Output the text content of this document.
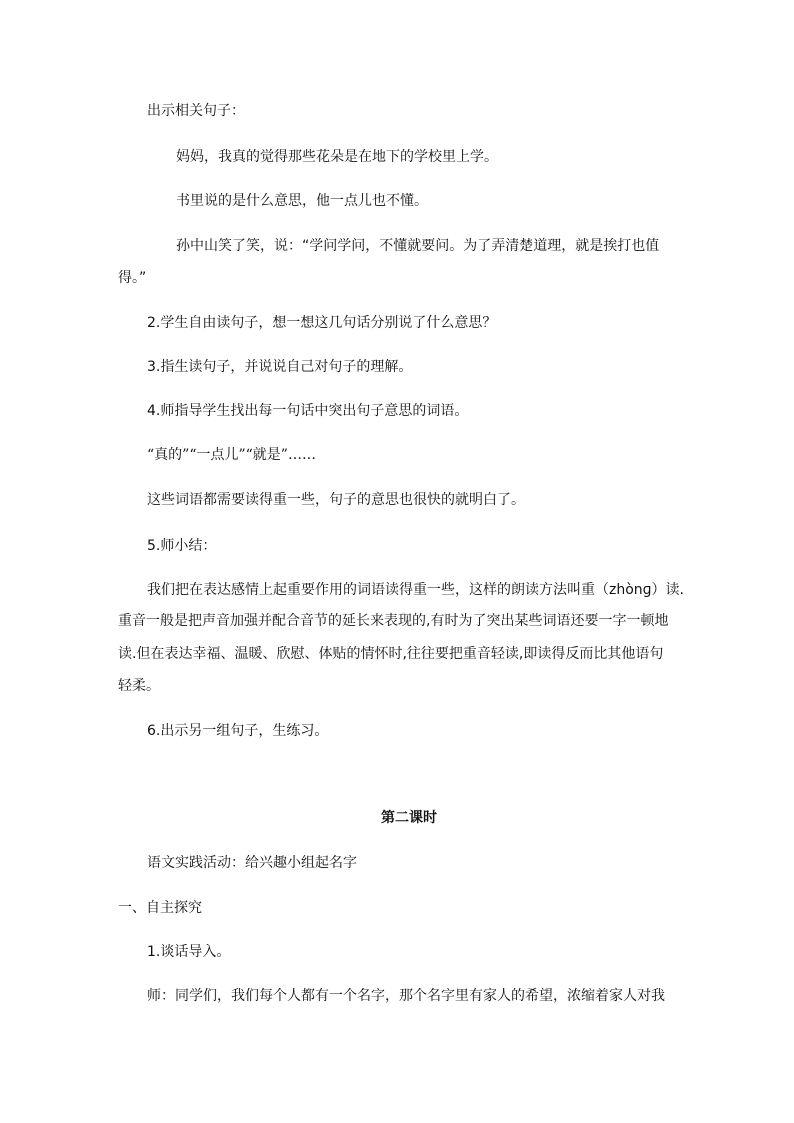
出示相关句子：
妈妈，我真的觉得那些花朵是在地下的学校里上学。
书里说的是什么意思，他一点儿也不懂。
孙中山笑了笑，说：“学问学问，不懂就要问。为了弄清楚道理，就是挨打也值
得。”
2.学生自由读句子，想一想这几句话分别说了什么意思？
3.指生读句子，并说说自己对句子的理解。
4.师指导学生找出每一句话中突出句子意思的词语。
“真的”“一点儿”“就是”……
这些词语都需要读得重一些，句子的意思也很快的就明白了。
5.师小结：
我们把在表达感情上起重要作用的词语读得重一些，这样的朗读方法叫重（zhònɡ）读.
重音一般是把声音加强并配合音节的延长来表现的,有时为了突出某些词语还要一字一顿地
读.但在表达幸福、温暖、欣慰、体贴的情怀时,往往要把重音轻读,即读得反而比其他语句
轻柔。
6.出示另一组句子，生练习。
第二课时
语文实践活动：给兴趣小组起名字
一、自主探究
1.谈话导入。
师：同学们，我们每个人都有一个名字，那个名字里有家人的希望，浓缩着家人对我
